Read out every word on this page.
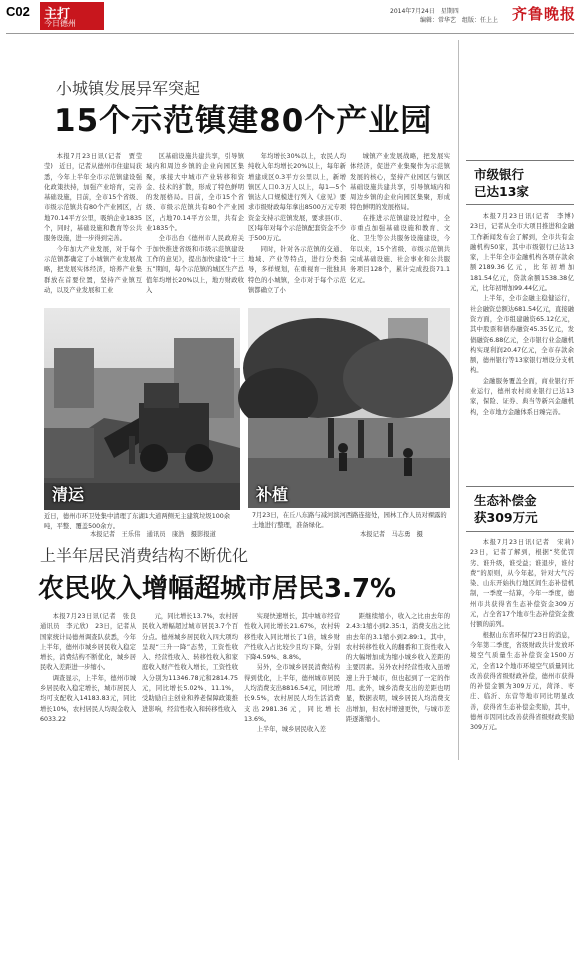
C02 主打
今日德州
2014年7月24日　星期四
编辑：常华艺　组版：任上上 齐鲁晚报
小城镇发展异军突起
15个示范镇建80个产业园

本报7月23日讯(记者　贾莹莹)　近日，记者从德州市住建局获悉，今年上半年全市示范镇建设强化政策扶持，加强产业培育，完善基础设施，目前，全市15个省级、市级示范镇共有80个产业园区，占地70.14平方公里，吸纳企业1835个，同时，基础设施和教育等公共服务设施，进一步得到完善。

今年加大产业发展，对于每个示范镇都确定了小城镇产业发展战略，把发展实体经济，培养产业集群放在首要位置，坚持产业镇互动，以及产业发展和工业

区基础设施共建共享，引导镇域内和周边乡镇的企业向园区集聚，承接大中城市产业转移和资金、技术的扩散，形成了特色鲜明的发展格局。目前，全市15个省级、市级示范镇共有80个产业园区，占地70.14平方公里，共有企业1835个。

全市出台《德州市人民政府关于加快推进省级和市级示范镇建设工作的意见》，提出加快建设“十三五”期间，每个示范镇的城区生产总值年均增长20%以上，地方财政收入

年均增长30%以上，农民人均纯收入年均增长20%以上，每年新增建成区0.3平方公里以上，新增镇区人口0.3万人以上，每1—5个镇达人口规模进行列入《意见》要求市级财政每年拿出8500万元专项资金支持示范镇发展，要求县(市、区)每年对每个示范镇配套资金不少于500万元。

同时，针对各示范镇的交通、地域、产业等特点，进行分类指导，多样规划，在重视育一批独具特色的小城镇，全市对于每个示范镇都确立了小

城镇产业发展战略，把发展实体经济，促进产业集聚作为示范镇发展的核心，坚持产业园区与镇区基础设施共建共享，引导镇域内和周边乡镇的企业向园区集聚，形成特色鲜明的发展格局。

在推进示范镇建设过程中，全市重点加强基础设施和教育、文化、卫生等公共服务设施建设，今年以来，15个省级、市级示范镇共完成基础设施、社会事业和公共服务项目128个，累计完成投资71.1亿元。

清运
近日，德州市环卫处集中清理了东湖1大道两侧无主建筑垃圾100余吨，平整、覆盖500余方。
本报记者　王乐伟　通讯员　康浩　摄影报道
补植
7月23日，在丘八东路与减河滨河西路连接处，园林工作人员对裸露的土地进行整理，准备绿化。
本报记者　马志勇　摄
上半年居民消费结构不断优化
农民收入增幅超城市居民3.7%

本报7月23日讯(记者　张良　通讯员　李元欣)　23日，记者从国家统计局德州调查队获悉，今年上半年，德州市城乡居民收入稳定增长，消费结构不断优化，城乡居民收入差距进一步缩小。

调查显示，上半年，德州市城乡居民收入稳定增长，城市居民人均可支配收入14183.83元，同比增长10%，农村居民人均现金收入6033.22

元，同比增长13.7%，农村居民收入增幅超过城市居民3.7个百分点。德州城乡居民收入四大项均呈现“三升一降”态势，工资性收入、经营性收入、转移性收入和家庭收入财产性收入增长，工资性收入分别为11346.78元和2814.75元，同比增长5.02%、11.1%，受助励自主创业和养老保障政策推进影响，经营性收入和转移性收入

实现快速增长，其中城市经营性收入同比增长21.67%，农村转移性收入同比增长了1倍，城乡财产性收入占比较少且均下降，分别下降4.59%、8.8%。

另外，全市城乡居民消费结构得到优化，上半年，德州城市居民人均消费支出8816.54元，同比增长9.5%，农村居民人均生活消费支出2981.36元，同比增长13.6%。

上半年，城乡居民收入差

距继续缩小，收入之比由去年的2.43:1缩小到2.35:1，消费支出之比由去年的3.1缩小到2.89:1。其中，农村转移性收入的翻番和工资性收入的大幅增加成为缩小城乡收入差距的主要因素。另外农村经营性收入虽增速上升于城市，但也起到了一定的作用。此外，城乡消费支出的差距也明显，数据表明，城乡居民人均消费支出增加，但农村增速更快，与城市差距逐渐缩小。
市级银行
已达13家

本报7月23日讯(记者　李博)　23日，记者从全市大项目推进和金融工作新闻发布会了解到，全市共有金融机构50家，其中市级银行已达13家，上半年全市金融机构各项存款余额2189.36亿元，比年初增加181.54亿元，贷款余额1538.38亿元，比年初增加99.44亿元。

上半年，全市金融主稳健运行，社会融资总额达681.54亿元，直接融资方面，全市组建融资65.12亿元，其中股票和债券融资45.35亿元，发债融资6.88亿元，全市银行业金融机构实现利润20.47亿元，全市存款余额，德州银行等13家银行增设分支机构。

金融服务覆盖全面，商业银行开业运行，德州农村商业银行已达13家，保险、证券、典当等新兴金融机构，全市地方金融体系日臻完善。

生态补偿金
获309万元

本报7月23日讯(记者　宋莉)　23日，记者了解到，根据“奖优罚劣、谁升级，谁受益；谁退步，谁付费”的原则，从今年起，针对大气污染、山东开始执行地区间生态补偿机制，一季度一结算，今年一季度，德州市共获得省生态补偿资金309万元，占全省17个地市生态补偿资金拨付额的前列。

根据山东省环保厅23日的消息，今年第二季度，省级财政共计发放环境空气质量生态补偿资金1500万元，全省12个地市环境空气质量同比改善获得省级财政补偿，德州市获得的补偿金额为309万元，菏泽、枣庄、临沂、东营等地市同比明显改善，获得省生态补偿金奖励，其中，德州市因同比改善获得省级财政奖励309万元。
